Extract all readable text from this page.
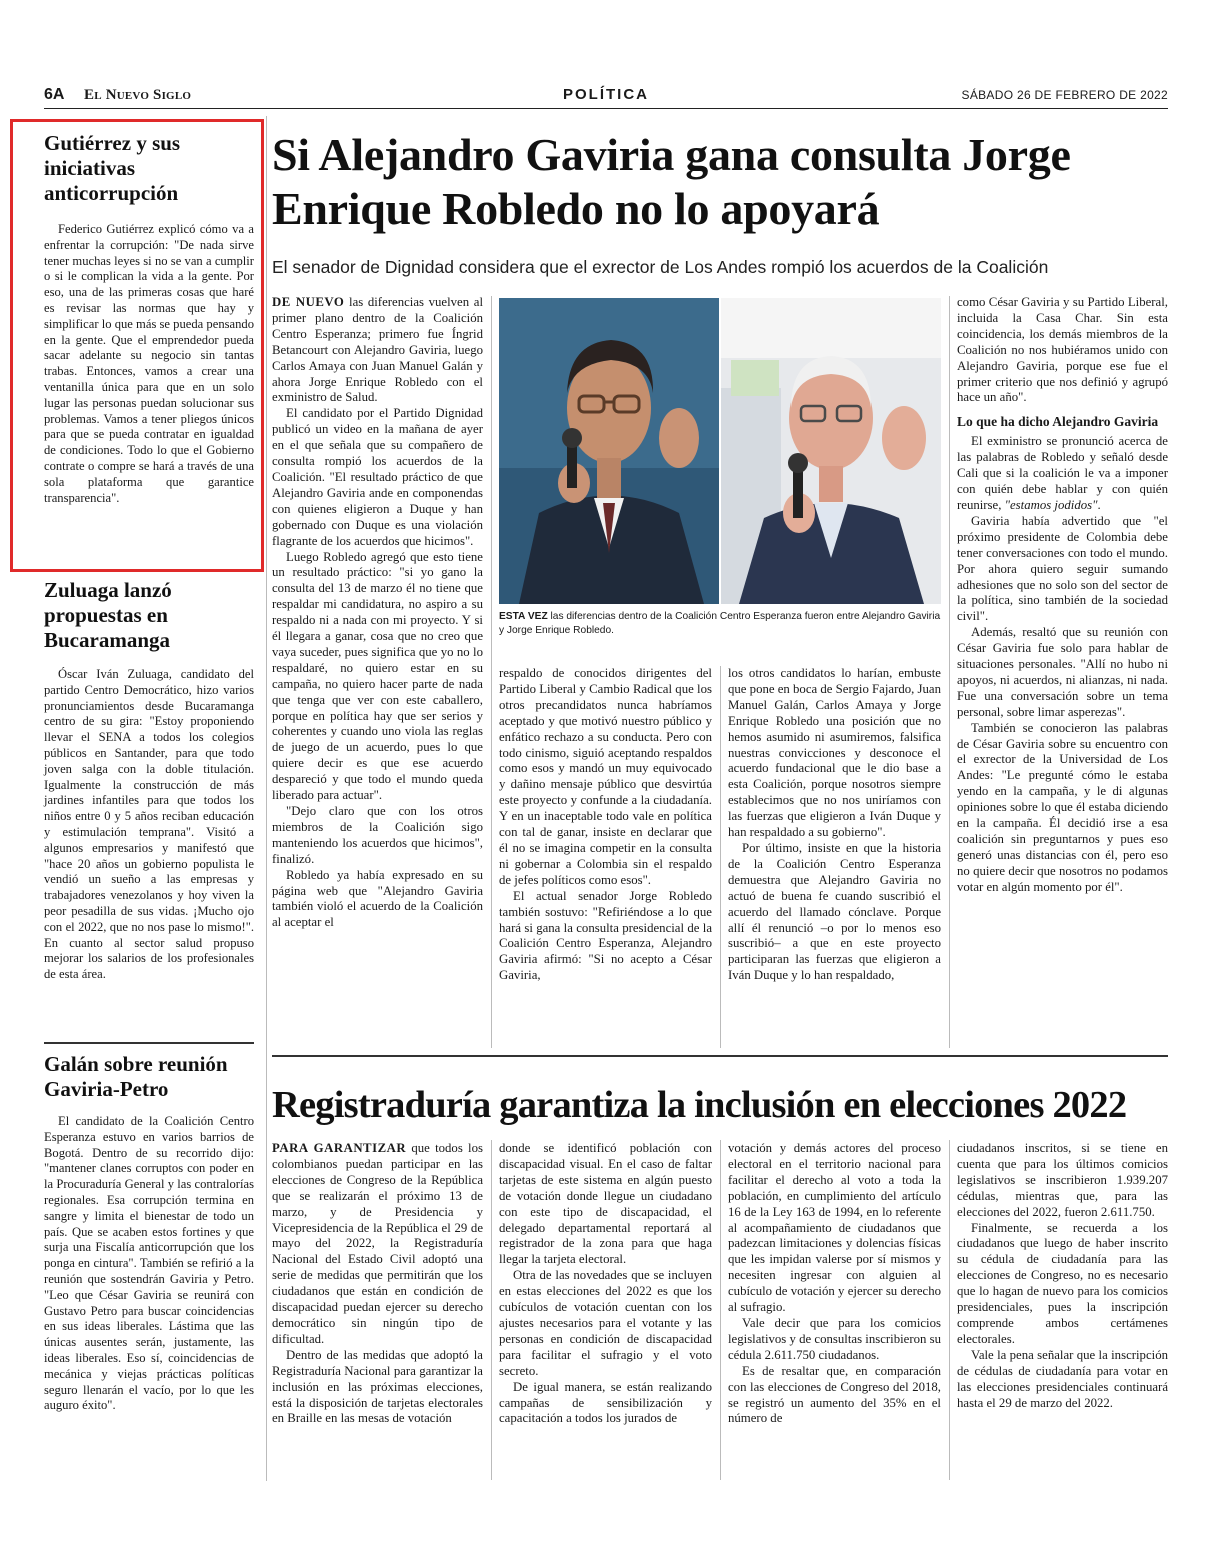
6A El Nuevo Siglo	POLÍTICA	SÁBADO 26 DE FEBRERO DE 2022
Gutiérrez y sus iniciativas anticorrupción
Federico Gutiérrez explicó cómo va a enfrentar la corrupción: "De nada sirve tener muchas leyes si no se van a cumplir o si le complican la vida a la gente. Por eso, una de las primeras cosas que haré es revisar las normas que hay y simplificar lo que más se pueda pensando en la gente. Que el emprendedor pueda sacar adelante su negocio sin tantas trabas. Entonces, vamos a crear una ventanilla única para que en un solo lugar las personas puedan solucionar sus problemas. Vamos a tener pliegos únicos para que se pueda contratar en igualdad de condiciones. Todo lo que el Gobierno contrate o compre se hará a través de una sola plataforma que garantice transparencia".
Zuluaga lanzó propuestas en Bucaramanga
Óscar Iván Zuluaga, candidato del partido Centro Democrático, hizo varios pronunciamientos desde Bucaramanga centro de su gira: "Estoy proponiendo llevar el SENA a todos los colegios públicos en Santander, para que todo joven salga con la doble titulación. Igualmente la construcción de más jardines infantiles para que todos los niños entre 0 y 5 años reciban educación y estimulación temprana". Visitó a algunos empresarios y manifestó que "hace 20 años un gobierno populista le vendió un sueño a las empresas y trabajadores venezolanos y hoy viven la peor pesadilla de sus vidas. ¡Mucho ojo con el 2022, que no nos pase lo mismo!". En cuanto al sector salud propuso mejorar los salarios de los profesionales de esta área.
Galán sobre reunión Gaviria-Petro
El candidato de la Coalición Centro Esperanza estuvo en varios barrios de Bogotá. Dentro de su recorrido dijo: "mantener clanes corruptos con poder en la Procuraduría General y las contralorías regionales. Esa corrupción termina en sangre y limita el bienestar de todo un país. Que se acaben estos fortines y que surja una Fiscalía anticorrupción que los ponga en cintura". También se refirió a la reunión que sostendrán Gaviria y Petro. "Leo que César Gaviria se reunirá con Gustavo Petro para buscar coincidencias en sus ideas liberales. Lástima que las únicas ausentes serán, justamente, las ideas liberales. Eso sí, coincidencias de mecánica y viejas prácticas políticas seguro llenarán el vacío, por lo que les auguro éxito".
Si Alejandro Gaviria gana consulta Jorge Enrique Robledo no lo apoyará
El senador de Dignidad considera que el exrector de Los Andes rompió los acuerdos de la Coalición

DE NUEVO las diferencias vuelven al primer plano dentro de la Coalición Centro Esperanza; primero fue Íngrid Betancourt con Alejandro Gaviria, luego Carlos Amaya con Juan Manuel Galán y ahora Jorge Enrique Robledo con el exministro de Salud.

El candidato por el Partido Dignidad publicó un video en la mañana de ayer en el que señala que su compañero de consulta rompió los acuerdos de la Coalición. "El resultado práctico de que Alejandro Gaviria ande en componendas con quienes eligieron a Duque y han gobernado con Duque es una violación flagrante de los acuerdos que hicimos".

Luego Robledo agregó que esto tiene un resultado práctico: "si yo gano la consulta del 13 de marzo él no tiene que respaldar mi candidatura, no aspiro a su respaldo ni a nada con mi proyecto. Y si él llegara a ganar, cosa que no creo que vaya suceder, pues significa que yo no lo respaldaré, no quiero estar en su campaña, no quiero hacer parte de nada que tenga que ver con este caballero, porque en política hay que ser serios y coherentes y cuando uno viola las reglas de juego de un acuerdo, pues lo que quiere decir es que ese acuerdo despareció y que todo el mundo queda liberado para actuar".

"Dejo claro que con los otros miembros de la Coalición sigo manteniendo los acuerdos que hicimos", finalizó.

Robledo ya había expresado en su página web que "Alejandro Gaviria también violó el acuerdo de la Coalición al aceptar el

ESTA VEZ las diferencias dentro de la Coalición Centro Esperanza fueron entre Alejandro Gaviria y Jorge Enrique Robledo.

respaldo de conocidos dirigentes del Partido Liberal y Cambio Radical que los otros precandidatos nunca habríamos aceptado y que motivó nuestro público y enfático rechazo a su conducta. Pero con todo cinismo, siguió aceptando respaldos como esos y mandó un muy equivocado y dañino mensaje público que desvirtúa este proyecto y confunde a la ciudadanía. Y en un inaceptable todo vale en política con tal de ganar, insiste en declarar que él no se imagina competir en la consulta ni gobernar a Colombia sin el respaldo de jefes políticos como esos".

El actual senador Jorge Robledo también sostuvo: "Refiriéndose a lo que hará si gana la consulta presidencial de la Coalición Centro Esperanza, Alejandro Gaviria afirmó: "Si no acepto a César Gaviria,

los otros candidatos lo harían, embuste que pone en boca de Sergio Fajardo, Juan Manuel Galán, Carlos Amaya y Jorge Enrique Robledo una posición que no hemos asumido ni asumiremos, falsifica nuestras convicciones y desconoce el acuerdo fundacional que le dio base a esta Coalición, porque nosotros siempre establecimos que no nos uniríamos con las fuerzas que eligieron a Iván Duque y han respaldado a su gobierno".

Por último, insiste en que la historia de la Coalición Centro Esperanza demuestra que Alejandro Gaviria no actuó de buena fe cuando suscribió el acuerdo del llamado cónclave. Porque allí él renunció –o por lo menos eso suscribió– a que en este proyecto participaran las fuerzas que eligieron a Iván Duque y lo han respaldado,

como César Gaviria y su Partido Liberal, incluida la Casa Char. Sin esta coincidencia, los demás miembros de la Coalición no nos hubiéramos unido con Alejandro Gaviria, porque ese fue el primer criterio que nos definió y agrupó hace un año".

Lo que ha dicho Alejandro Gaviria

El exministro se pronunció acerca de las palabras de Robledo y señaló desde Cali que si la coalición le va a imponer con quién debe hablar y con quién reunirse, "estamos jodidos".

Gaviria había advertido que "el próximo presidente de Colombia debe tener conversaciones con todo el mundo. Por ahora quiero seguir sumando adhesiones que no solo son del sector de la política, sino también de la sociedad civil".

Además, resaltó que su reunión con César Gaviria fue solo para hablar de situaciones personales. "Allí no hubo ni apoyos, ni acuerdos, ni alianzas, ni nada. Fue una conversación sobre un tema personal, sobre limar asperezas".

También se conocieron las palabras de César Gaviria sobre su encuentro con el exrector de la Universidad de Los Andes: "Le pregunté cómo le estaba yendo en la campaña, y le di algunas opiniones sobre lo que él estaba diciendo en la campaña. Él decidió irse a esa coalición sin preguntarnos y pues eso generó unas distancias con él, pero eso no quiere decir que nosotros no podamos votar en algún momento por él".

Registraduría garantiza la inclusión en elecciones 2022

PARA GARANTIZAR que todos los colombianos puedan participar en las elecciones de Congreso de la República que se realizarán el próximo 13 de marzo, y de Presidencia y Vicepresidencia de la República el 29 de mayo del 2022, la Registraduría Nacional del Estado Civil adoptó una serie de medidas que permitirán que los ciudadanos que están en condición de discapacidad puedan ejercer su derecho democrático sin ningún tipo de dificultad.

Dentro de las medidas que adoptó la Registraduría Nacional para garantizar la inclusión en las próximas elecciones, está la disposición de tarjetas electorales en Braille en las mesas de votación

donde se identificó población con discapacidad visual. En el caso de faltar tarjetas de este sistema en algún puesto de votación donde llegue un ciudadano con este tipo de discapacidad, el delegado departamental reportará al registrador de la zona para que haga llegar la tarjeta electoral.

Otra de las novedades que se incluyen en estas elecciones del 2022 es que los cubículos de votación cuentan con los ajustes necesarios para el votante y las personas en condición de discapacidad para facilitar el sufragio y el voto secreto.

De igual manera, se están realizando campañas de sensibilización y capacitación a todos los jurados de

votación y demás actores del proceso electoral en el territorio nacional para facilitar el derecho al voto a toda la población, en cumplimiento del artículo 16 de la Ley 163 de 1994, en lo referente al acompañamiento de ciudadanos que padezcan limitaciones y dolencias físicas que les impidan valerse por sí mismos y necesiten ingresar con alguien al cubículo de votación y ejercer su derecho al sufragio.

Vale decir que para los comicios legislativos y de consultas inscribieron su cédula 2.611.750 ciudadanos.

Es de resaltar que, en comparación con las elecciones de Congreso del 2018, se registró un aumento del 35% en el número de

ciudadanos inscritos, si se tiene en cuenta que para los últimos comicios legislativos se inscribieron 1.939.207 cédulas, mientras que, para las elecciones del 2022, fueron 2.611.750.

Finalmente, se recuerda a los ciudadanos que luego de haber inscrito su cédula de ciudadanía para las elecciones de Congreso, no es necesario que lo hagan de nuevo para los comicios presidenciales, pues la inscripción comprende ambos certámenes electorales.

Vale la pena señalar que la inscripción de cédulas de ciudadanía para votar en las elecciones presidenciales continuará hasta el 29 de marzo del 2022.
